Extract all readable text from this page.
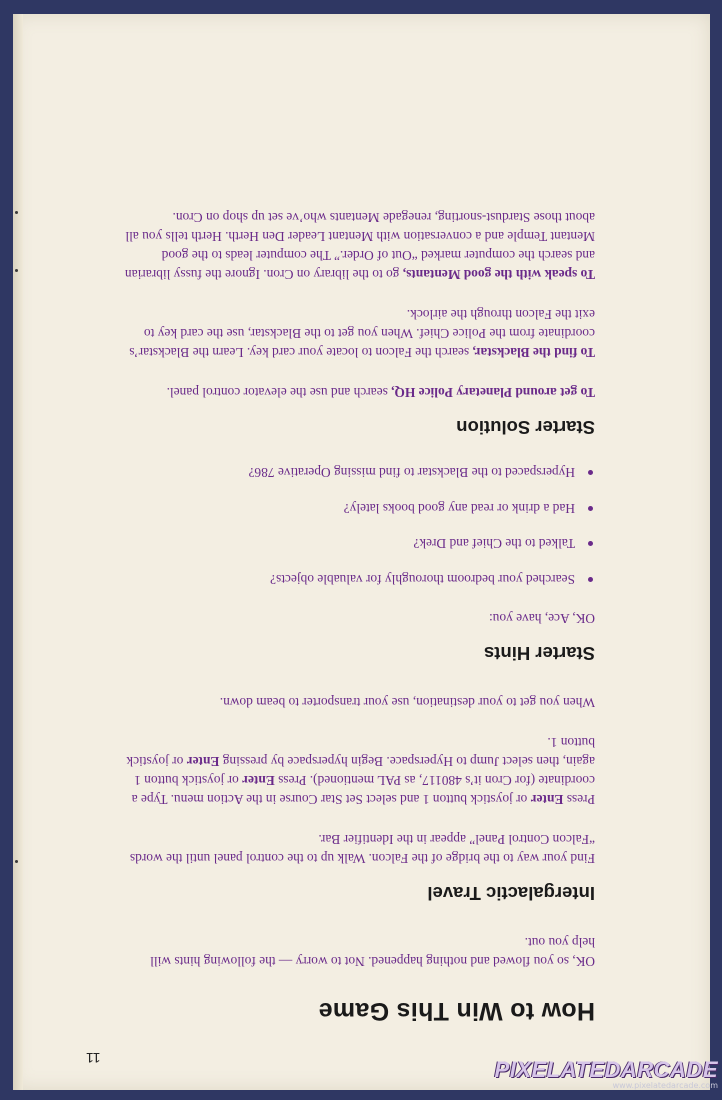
How to Win This Game

OK, so you flowed and nothing happened. Not to worry — the following hints will help you out.

Intergalactic Travel

Find your way to the bridge of the Falcon. Walk up to the control panel until the words “Falcon Control Panel” appear in the Identifier Bar.

Press Enter or joystick button 1 and select Set Star Course in the Action menu. Type a coordinate (for Cron it’s 480117, as PAL mentioned). Press Enter or joystick button 1 again, then select Jump to Hyperspace. Begin hyperspace by pressing Enter or joystick button 1.

When you get to your destination, use your transporter to beam down.

Starter Hints

OK, Ace, have you:

Searched your bedroom thoroughly for valuable objects?
Talked to the Chief and Drek?
Had a drink or read any good books lately?
Hyperspaced to the Blackstar to find missing Operative 786?
Starter Solution

To get around Planetary Police HQ, search and use the elevator control panel.

To find the Blackstar, search the Falcon to locate your card key. Learn the Blackstar’s coordinate from the Police Chief. When you get to the Blackstar, use the card key to exit the Falcon through the airlock.

To speak with the good Mentants, go to the library on Cron. Ignore the fussy librarian and search the computer marked “Out of Order.” The computer leads to the good Mentant Temple and a conversation with Mentant Leader Den Herth. Herth tells you all about those Stardust-snorting, renegade Mentants who’ve set up shop on Cron.

11	PIXELATEDARCADE
www.pixelatedarcade.com
